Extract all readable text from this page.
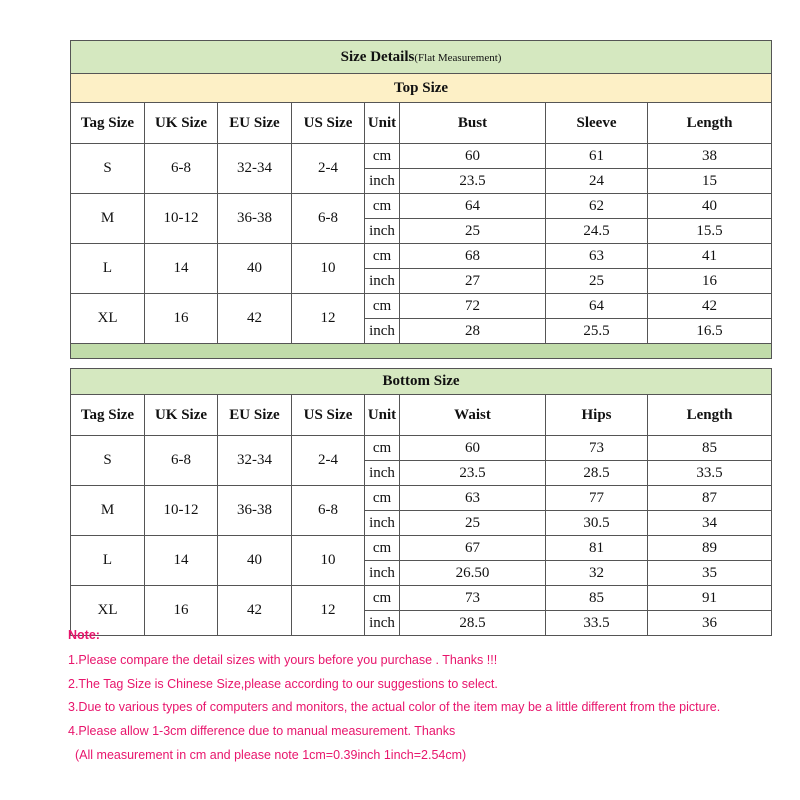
Size Details(Flat Measurement)							
Top Size							
Tag Size	UK Size	EU Size	US Size	Unit	Bust	Sleeve	Length
S	6-8	32-34	2-4	cm	60	61	38
				inch	23.5	24	15
M	10-12	36-38	6-8	cm	64	62	40
				inch	25	24.5	15.5
L	14	40	10	cm	68	63	41
				inch	27	25	16
XL	16	42	12	cm	72	64	42
				inch	28	25.5	16.5

Bottom Size							
Tag Size	UK Size	EU Size	US Size	Unit	Waist	Hips	Length
S	6-8	32-34	2-4	cm	60	73	85
				inch	23.5	28.5	33.5
M	10-12	36-38	6-8	cm	63	77	87
				inch	25	30.5	34
L	14	40	10	cm	67	81	89
				inch	26.50	32	35
XL	16	42	12	cm	73	85	91
				inch	28.5	33.5	36
Note:
1.Please compare the detail sizes with yours before you purchase . Thanks !!!
2.The Tag Size is Chinese Size,please according to our suggestions to select.
3.Due to various types of computers and monitors, the actual color of the item may be a little different from the picture.
4.Please allow 1-3cm difference due to manual measurement. Thanks
(All measurement in cm and please note 1cm=0.39inch 1inch=2.54cm)
